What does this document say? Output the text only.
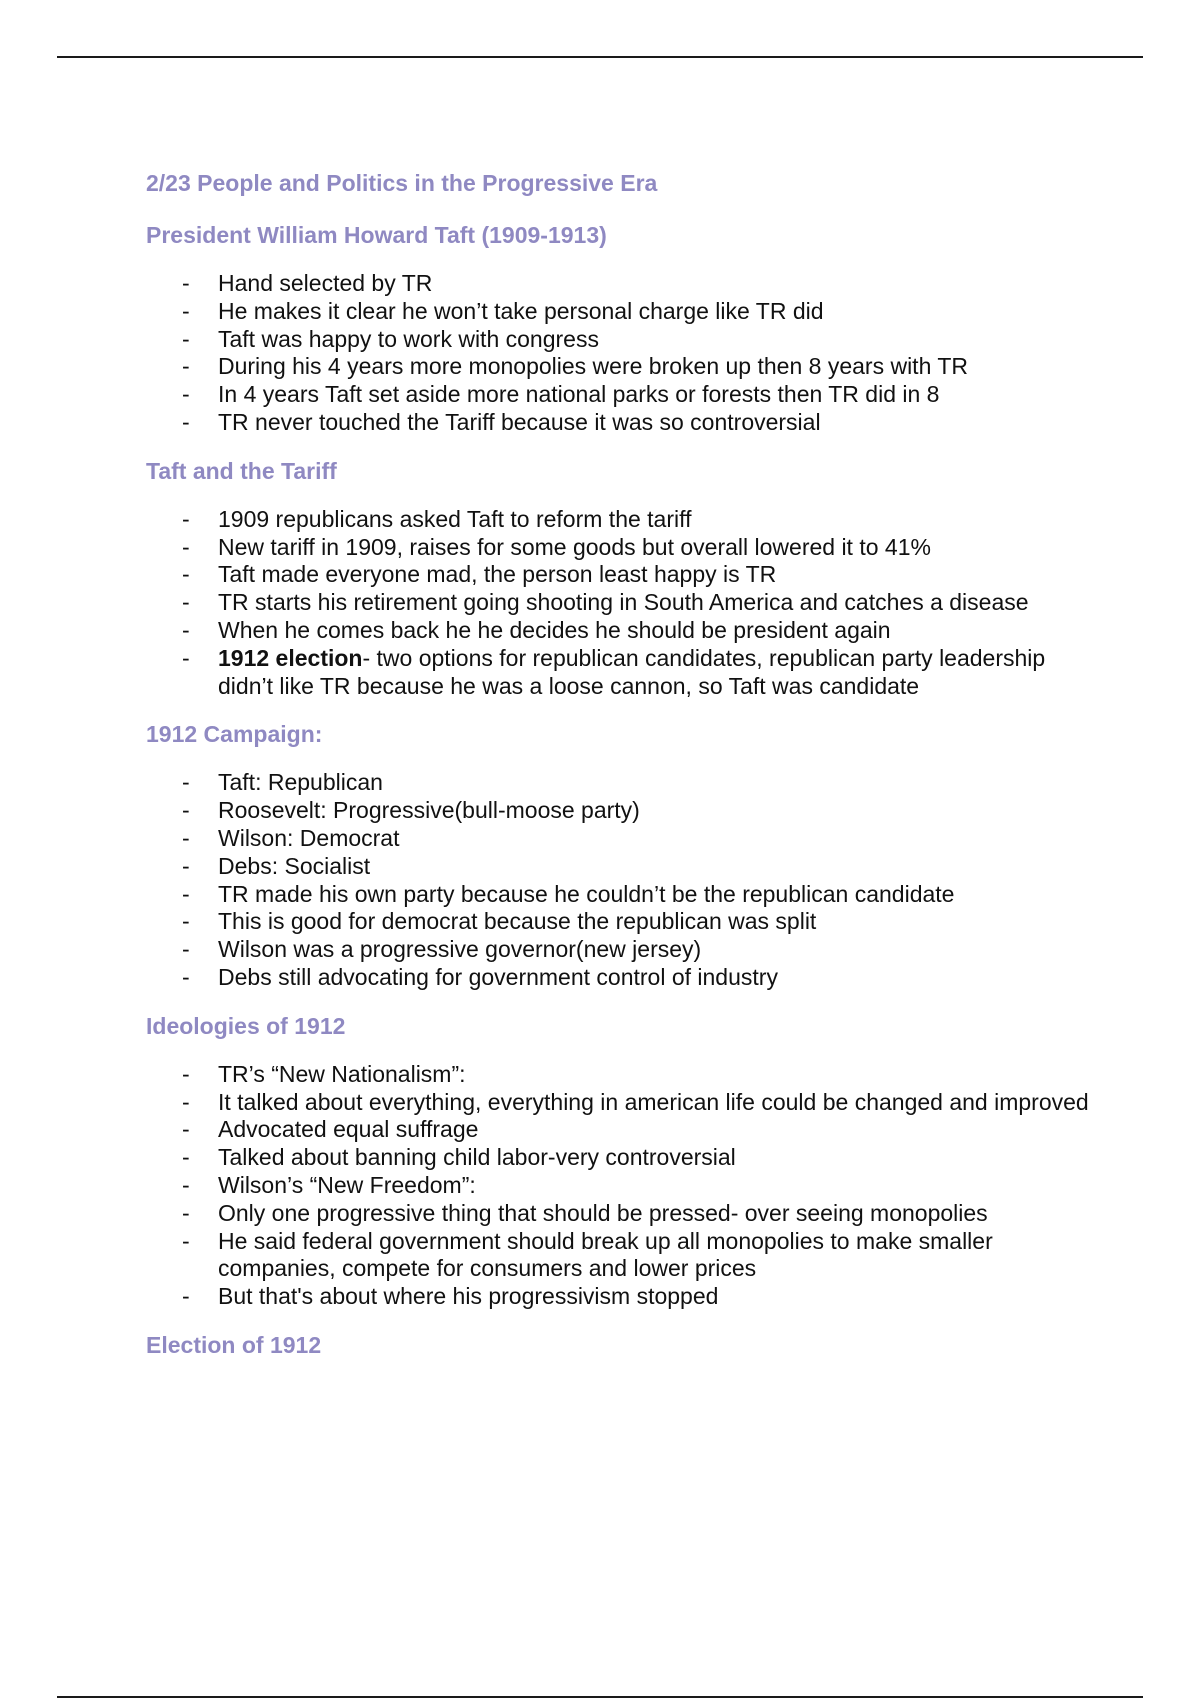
2/23 People and Politics in the Progressive Era
President William Howard Taft (1909-1913)
- Hand selected by TR
- He makes it clear he won’t take personal charge like TR did
- Taft was happy to work with congress
- During his 4 years more monopolies were broken up then 8 years with TR
- In 4 years Taft set aside more national parks or forests then TR did in 8
- TR never touched the Tariff because it was so controversial
Taft and the Tariff
- 1909 republicans asked Taft to reform the tariff
- New tariff in 1909, raises for some goods but overall lowered it to 41%
- Taft made everyone mad, the person least happy is TR
- TR starts his retirement going shooting in South America and catches a disease
- When he comes back he he decides he should be president again
- 1912 election- two options for republican candidates, republican party leadership didn’t like TR because he was a loose cannon, so Taft was candidate
1912 Campaign:
- Taft: Republican
- Roosevelt: Progressive(bull-moose party)
- Wilson: Democrat
- Debs: Socialist
- TR made his own party because he couldn’t be the republican candidate
- This is good for democrat because the republican was split
- Wilson was a progressive governor(new jersey)
- Debs still advocating for government control of industry
Ideologies of 1912
- TR’s “New Nationalism”:
- It talked about everything, everything in american life could be changed and improved
- Advocated equal suffrage
- Talked about banning child labor-very controversial
- Wilson’s “New Freedom”:
- Only one progressive thing that should be pressed- over seeing monopolies
- He said federal government should break up all monopolies to make smaller companies, compete for consumers and lower prices
- But that's about where his progressivism stopped
Election of 1912
